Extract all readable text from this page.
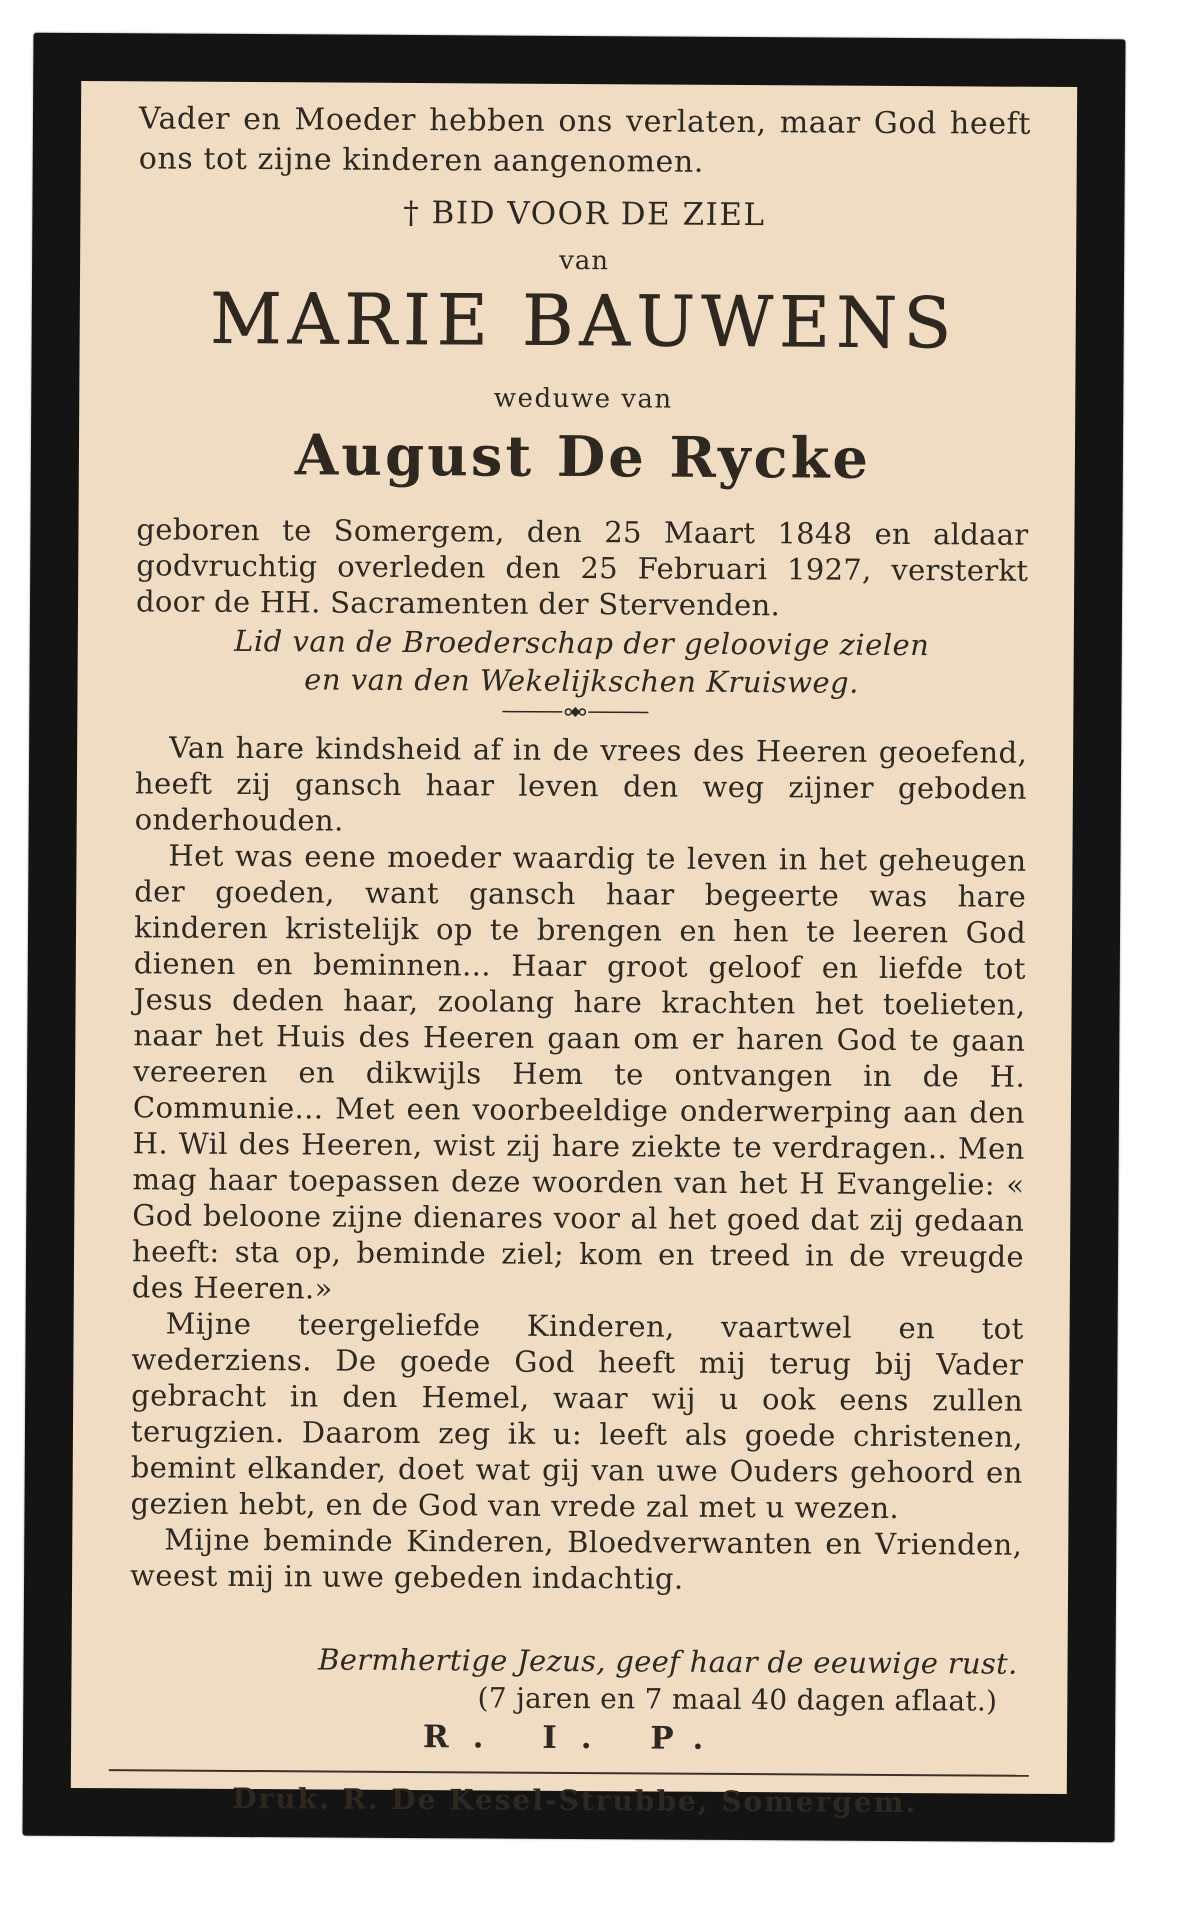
Vader en Moeder hebben ons verlaten, maar God heeft ons tot zijne kinderen aangenomen.
† BID VOOR DE ZIEL
van
MARIE BAUWENS
weduwe van
August De Rycke
geboren te Somergem, den 25 Maart 1848 en aldaar godvruchtig overleden den 25 Februari 1927, versterkt door de HH. Sacramenten der Stervenden.
Lid van de Broederschap der geloovige zielen
en van den Wekelijkschen Kruisweg.

Van hare kindsheid af in de vrees des Heeren geoefend, heeft zij gansch haar leven den weg zijner geboden onderhouden.

Het was eene moeder waardig te leven in het geheugen der goeden, want gansch haar begeerte was hare kinderen kristelijk op te brengen en hen te leeren God dienen en beminnen... Haar groot geloof en liefde tot Jesus deden haar, zoolang hare krachten het toelieten, naar het Huis des Heeren gaan om er haren God te gaan vereeren en dikwijls Hem te ontvangen in de H. Communie... Met een voorbeeldige onderwerping aan den H. Wil des Heeren, wist zij hare ziekte te verdragen.. Men mag haar toepassen deze woorden van het H Evangelie: « God beloone zijne dienares voor al het goed dat zij gedaan heeft: sta op, beminde ziel; kom en treed in de vreugde des Heeren.»

Mijne teergeliefde Kinderen, vaartwel en tot wederziens. De goede God heeft mij terug bij Vader gebracht in den Hemel, waar wij u ook eens zullen terugzien. Daarom zeg ik u: leeft als goede christenen, bemint elkander, doet wat gij van uwe Ouders gehoord en gezien hebt, en de God van vrede zal met u wezen.

Mijne beminde Kinderen, Bloedverwanten en Vrienden, weest mij in uwe gebeden indachtig.

Bermhertige Jezus, geef haar de eeuwige rust.
(7 jaren en 7 maal 40 dagen aflaat.)
R. I. P.
Druk. R. De Kesel-Strubbe, Somergem.
